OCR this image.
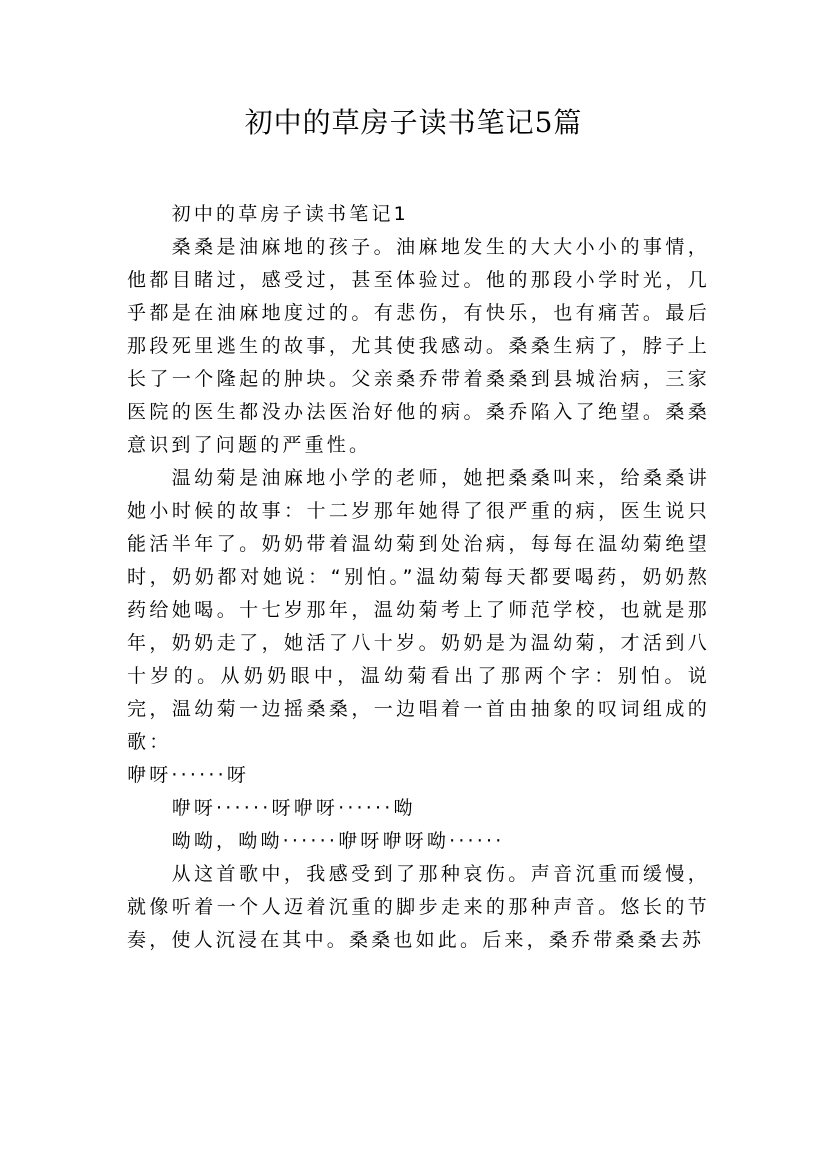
初中的草房子读书笔记5篇

初中的草房子读书笔记1

桑桑是油麻地的孩子。油麻地发生的大大小小的事情，他都目睹过，感受过，甚至体验过。他的那段小学时光，几乎都是在油麻地度过的。有悲伤，有快乐，也有痛苦。最后那段死里逃生的故事，尤其使我感动。桑桑生病了，脖子上长了一个隆起的肿块。父亲桑乔带着桑桑到县城治病，三家医院的医生都没办法医治好他的病。桑乔陷入了绝望。桑桑意识到了问题的严重性。

温幼菊是油麻地小学的老师，她把桑桑叫来，给桑桑讲她小时候的故事：十二岁那年她得了很严重的病，医生说只能活半年了。奶奶带着温幼菊到处治病，每每在温幼菊绝望时，奶奶都对她说：“别怕。”温幼菊每天都要喝药，奶奶熬药给她喝。十七岁那年，温幼菊考上了师范学校，也就是那年，奶奶走了，她活了八十岁。奶奶是为温幼菊，才活到八十岁的。从奶奶眼中，温幼菊看出了那两个字：别怕。说完，温幼菊一边摇桑桑，一边唱着一首由抽象的叹词组成的歌：

咿呀······呀

咿呀······呀咿呀······呦

呦呦，呦呦······咿呀咿呀呦······

从这首歌中，我感受到了那种哀伤。声音沉重而缓慢，就像听着一个人迈着沉重的脚步走来的那种声音。悠长的节奏，使人沉浸在其中。桑桑也如此。后来，桑乔带桑桑去苏
